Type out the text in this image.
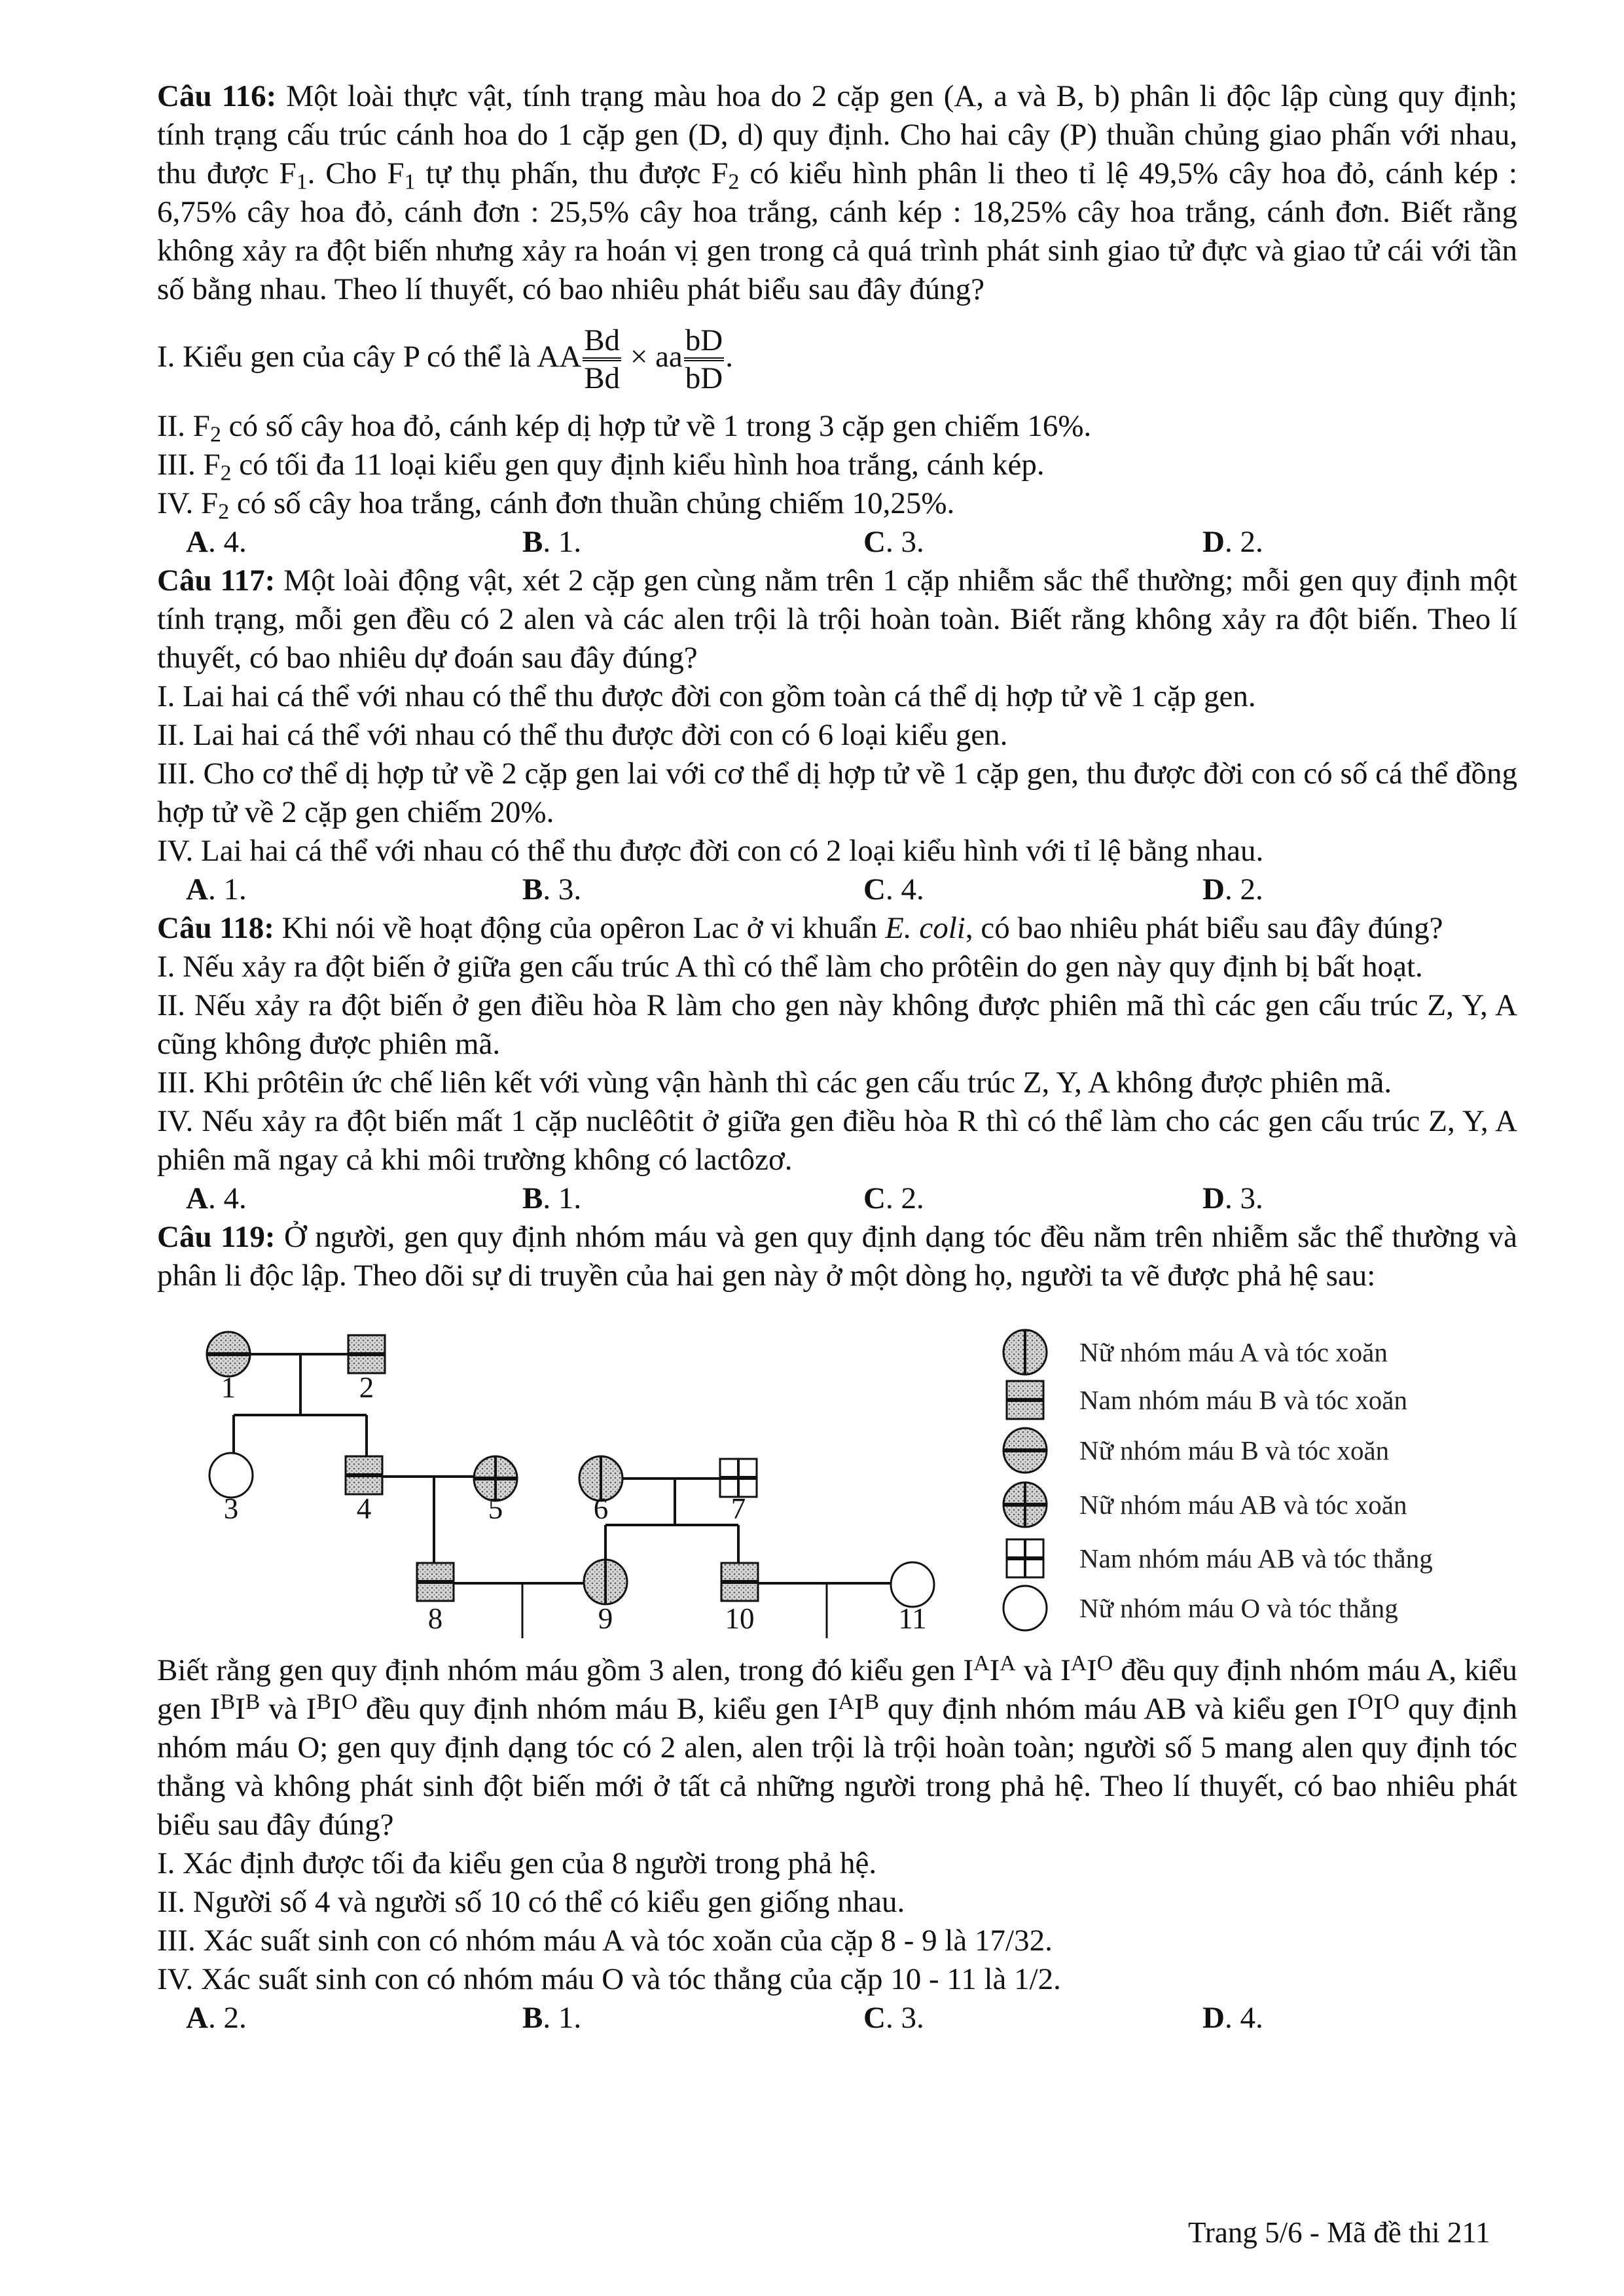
Câu 116: Một loài thực vật, tính trạng màu hoa do 2 cặp gen (A, a và B, b) phân li độc lập cùng quy định; tính trạng cấu trúc cánh hoa do 1 cặp gen (D, d) quy định. Cho hai cây (P) thuần chủng giao phấn với nhau, thu được $F_1$. Cho $F_1$ tự thụ phấn, thu được $F_2$ có kiểu hình phân li theo tỉ lệ 49,5% cây hoa đỏ, cánh kép : 6,75% cây hoa đỏ, cánh đơn : 25,5% cây hoa trắng, cánh kép : 18,25% cây hoa trắng, cánh đơn. Biết rằng không xảy ra đột biến nhưng xảy ra hoán vị gen trong cả quá trình phát sinh giao tử đực và giao tử cái với tần số bằng nhau. Theo lí thuyết, có bao nhiêu phát biểu sau đây đúng?

I. Kiểu gen của cây P có thể là AA $\frac{Bd}{Bd}$ × aa $\frac{bD}{bD}$ .

II. $F_2$ có số cây hoa đỏ, cánh kép dị hợp tử về 1 trong 3 cặp gen chiếm 16%.

III. $F_2$ có tối đa 11 loại kiểu gen quy định kiểu hình hoa trắng, cánh kép.

IV. $F_2$ có số cây hoa trắng, cánh đơn thuần chủng chiếm 10,25%.

A. 4.	B. 1.	C. 3.	D. 2.

Câu 117: Một loài động vật, xét 2 cặp gen cùng nằm trên 1 cặp nhiễm sắc thể thường; mỗi gen quy định một tính trạng, mỗi gen đều có 2 alen và các alen trội là trội hoàn toàn. Biết rằng không xảy ra đột biến. Theo lí thuyết, có bao nhiêu dự đoán sau đây đúng?

I. Lai hai cá thể với nhau có thể thu được đời con gồm toàn cá thể dị hợp tử về 1 cặp gen.

II. Lai hai cá thể với nhau có thể thu được đời con có 6 loại kiểu gen.

III. Cho cơ thể dị hợp tử về 2 cặp gen lai với cơ thể dị hợp tử về 1 cặp gen, thu được đời con có số cá thể đồng hợp tử về 2 cặp gen chiếm 20%.

IV. Lai hai cá thể với nhau có thể thu được đời con có 2 loại kiểu hình với tỉ lệ bằng nhau.

A. 1.	B. 3.	C. 4.	D. 2.

Câu 118: Khi nói về hoạt động của opêron Lac ở vi khuẩn E. coli, có bao nhiêu phát biểu sau đây đúng?

I. Nếu xảy ra đột biến ở giữa gen cấu trúc A thì có thể làm cho prôtêin do gen này quy định bị bất hoạt.

II. Nếu xảy ra đột biến ở gen điều hòa R làm cho gen này không được phiên mã thì các gen cấu trúc Z, Y, A cũng không được phiên mã.

III. Khi prôtêin ức chế liên kết với vùng vận hành thì các gen cấu trúc Z, Y, A không được phiên mã.

IV. Nếu xảy ra đột biến mất 1 cặp nuclêôtit ở giữa gen điều hòa R thì có thể làm cho các gen cấu trúc Z, Y, A phiên mã ngay cả khi môi trường không có lactôzơ.

A. 4.	B. 1.	C. 2.	D. 3.

Câu 119: Ở người, gen quy định nhóm máu và gen quy định dạng tóc đều nằm trên nhiễm sắc thể thường và phân li độc lập. Theo dõi sự di truyền của hai gen này ở một dòng họ, người ta vẽ được phả hệ sau:

1	2
3	4	5	6	7
8	9	10	11
Nữ nhóm máu A và tóc xoăn
Nam nhóm máu B và tóc xoăn
Nữ nhóm máu B và tóc xoăn
Nữ nhóm máu AB và tóc xoăn
Nam nhóm máu AB và tóc thẳng
Nữ nhóm máu O và tóc thẳng

Biết rằng gen quy định nhóm máu gồm 3 alen, trong đó kiểu gen $I^AI^A$ và $I^AI^O$ đều quy định nhóm máu A, kiểu gen $I^BI^B$ và $I^BI^O$ đều quy định nhóm máu B, kiểu gen $I^AI^B$ quy định nhóm máu AB và kiểu gen $I^OI^O$ quy định nhóm máu O; gen quy định dạng tóc có 2 alen, alen trội là trội hoàn toàn; người số 5 mang alen quy định tóc thẳng và không phát sinh đột biến mới ở tất cả những người trong phả hệ. Theo lí thuyết, có bao nhiêu phát biểu sau đây đúng?

I. Xác định được tối đa kiểu gen của 8 người trong phả hệ.

II. Người số 4 và người số 10 có thể có kiểu gen giống nhau.

III. Xác suất sinh con có nhóm máu A và tóc xoăn của cặp 8 - 9 là 17/32.

IV. Xác suất sinh con có nhóm máu O và tóc thẳng của cặp 10 - 11 là 1/2.

A. 2.	B. 1.	C. 3.	D. 4.
Trang 5/6 - Mã đề thi 211
